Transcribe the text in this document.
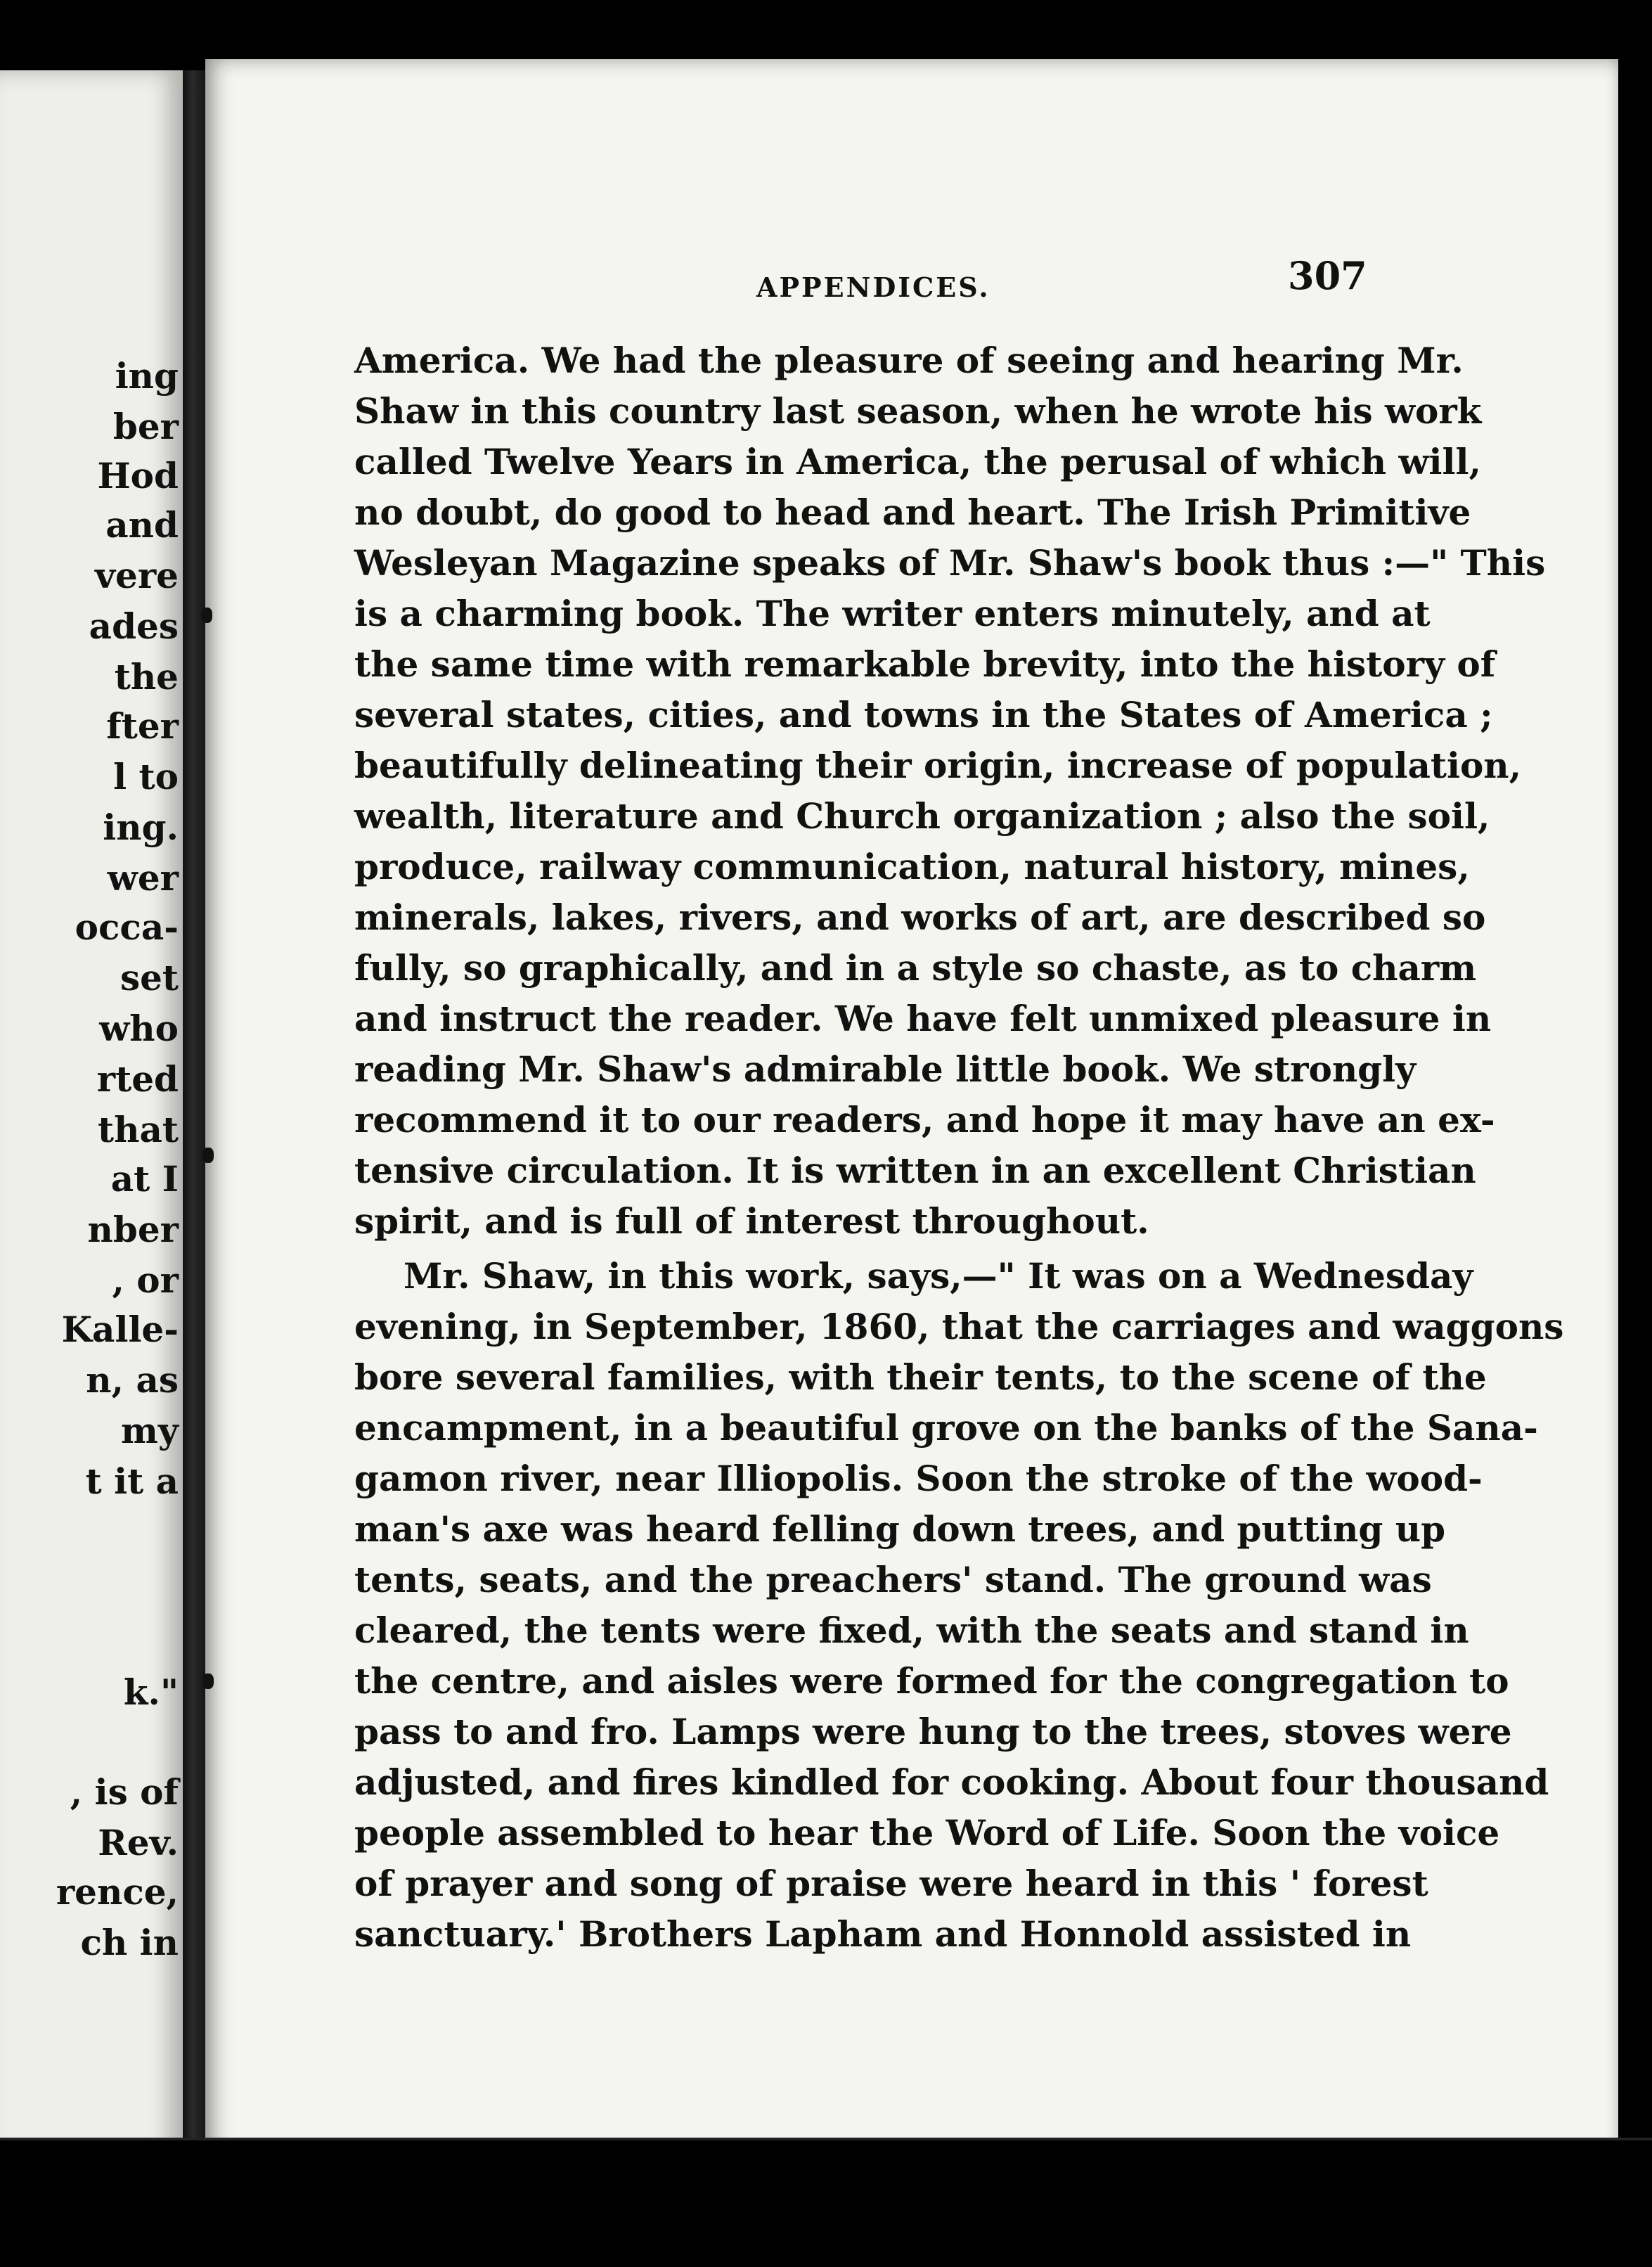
ing

ber

Hod

and

vere

ades

the

fter

l to

ing.

wer

occa-

set

who

rted

that

at I

nber

, or

Kalle-

n, as

my

t it a

k."

, is of

Rev.

rence,

ch in

APPENDICES.	307

America. We had the pleasure of seeing and hearing Mr.

Shaw in this country last season, when he wrote his work

called Twelve Years in America, the perusal of which will,

no doubt, do good to head and heart. The Irish Primitive

Wesleyan Magazine speaks of Mr. Shaw's book thus :—" This

is a charming book. The writer enters minutely, and at

the same time with remarkable brevity, into the history of

several states, cities, and towns in the States of America ;

beautifully delineating their origin, increase of population,

wealth, literature and Church organization ; also the soil,

produce, railway communication, natural history, mines,

minerals, lakes, rivers, and works of art, are described so

fully, so graphically, and in a style so chaste, as to charm

and instruct the reader. We have felt unmixed pleasure in

reading Mr. Shaw's admirable little book. We strongly

recommend it to our readers, and hope it may have an ex-

tensive circulation. It is written in an excellent Christian

spirit, and is full of interest throughout.

Mr. Shaw, in this work, says,—" It was on a Wednesday

evening, in September, 1860, that the carriages and waggons

bore several families, with their tents, to the scene of the

encampment, in a beautiful grove on the banks of the Sana-

gamon river, near Illiopolis. Soon the stroke of the wood-

man's axe was heard felling down trees, and putting up

tents, seats, and the preachers' stand. The ground was

cleared, the tents were fixed, with the seats and stand in

the centre, and aisles were formed for the congregation to

pass to and fro. Lamps were hung to the trees, stoves were

adjusted, and fires kindled for cooking. About four thousand

people assembled to hear the Word of Life. Soon the voice

of prayer and song of praise were heard in this ' forest

sanctuary.' Brothers Lapham and Honnold assisted in
